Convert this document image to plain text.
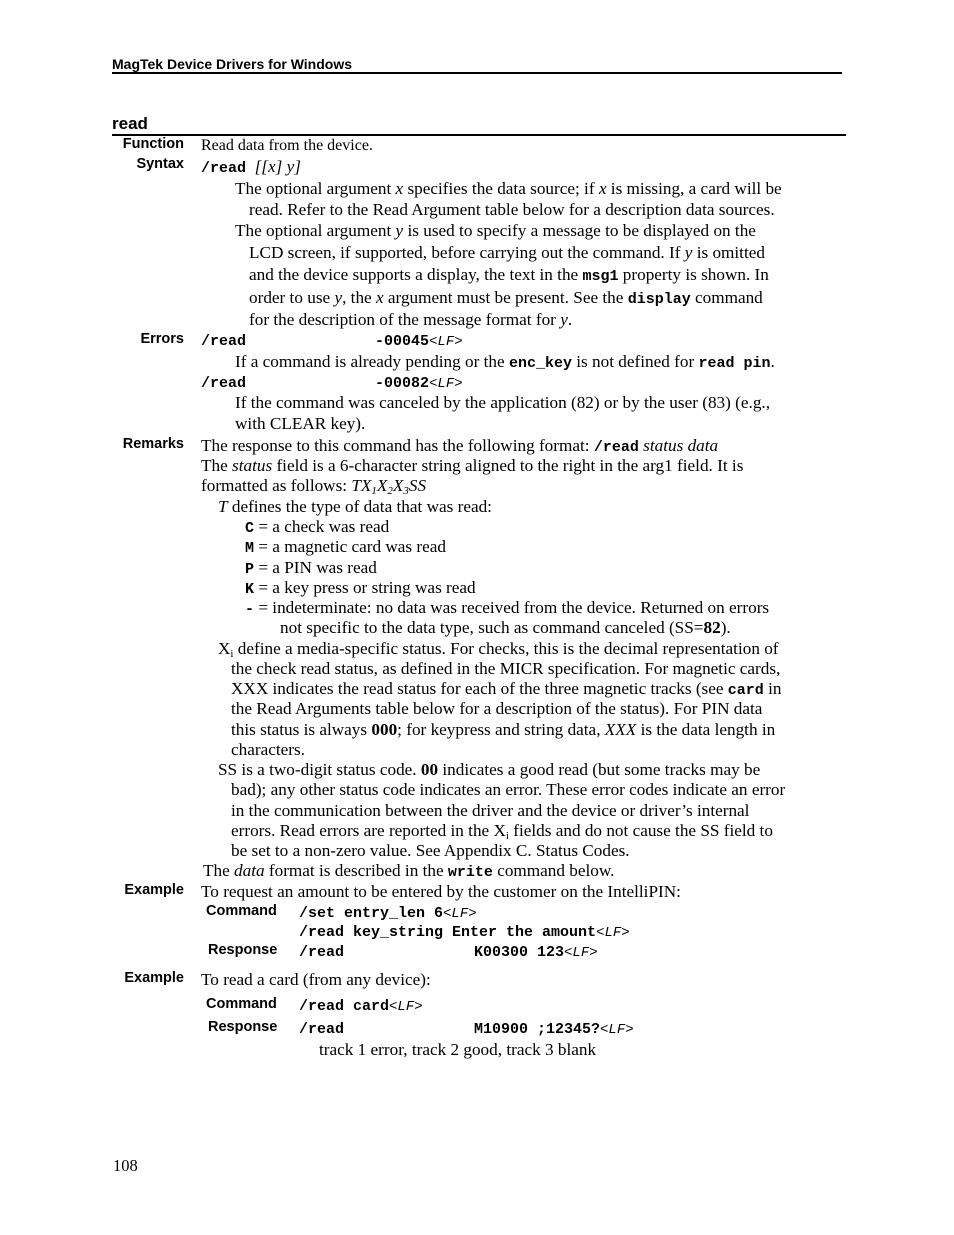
MagTek Device Drivers for Windows
read
Function Read data from the device.
Syntax /read [[x] y]
The optional argument x specifies the data source; if x is missing, a card will be
read. Refer to the Read Argument table below for a description data sources.
The optional argument y is used to specify a message to be displayed on the
LCD screen, if supported, before carrying out the command. If y is omitted
and the device supports a display, the text in the msg1 property is shown. In
order to use y, the x argument must be present. See the display command
for the description of the message format for y.
Errors /read	-00045<LF>
If a command is already pending or the enc_key is not defined for read pin.
/read	-00082<LF>
If the command was canceled by the application (82) or by the user (83) (e.g.,
with CLEAR key).
Remarks The response to this command has the following format: /read status data
The status field is a 6-character string aligned to the right in the arg1 field. It is
formatted as follows: $TX_1X_2X_3SS$
T defines the type of data that was read:
C = a check was read
M = a magnetic card was read
P = a PIN was read
K = a key press or string was read
- = indeterminate: no data was received from the device. Returned on errors
not specific to the data type, such as command canceled (SS=82).
$X_i$ define a media-specific status. For checks, this is the decimal representation of
the check read status, as defined in the MICR specification. For magnetic cards,
XXX indicates the read status for each of the three magnetic tracks (see card in
the Read Arguments table below for a description of the status). For PIN data
this status is always 000; for keypress and string data, XXX is the data length in
characters.
SS is a two-digit status code. 00 indicates a good read (but some tracks may be
bad); any other status code indicates an error. These error codes indicate an error
in the communication between the driver and the device or driver’s internal
errors. Read errors are reported in the $X_i$ fields and do not cause the SS field to
be set to a non-zero value. See Appendix C. Status Codes.
The data format is described in the write command below.
Example To request an amount to be entered by the customer on the IntelliPIN:
Command /set entry_len 6<LF>
/read key_string Enter the amount<LF>
Response /read	K00300 123<LF>
Example To read a card (from any device):
Command /read card<LF>
Response /read	M10900 ;12345?<LF>
track 1 error, track 2 good, track 3 blank
108
